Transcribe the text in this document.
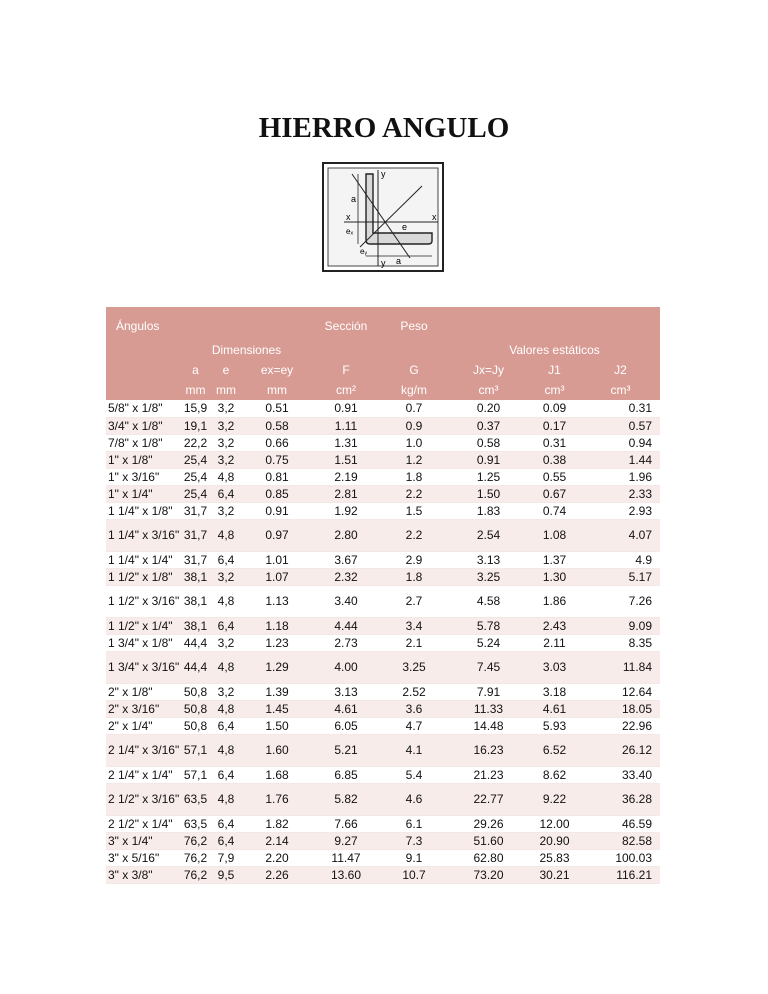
HIERRO ANGULO
y
a
x	x
eₓ	e
eᵧ
y a
Ángulos	Dimensiones			Sección	Peso	Valores estáticos		
	a	e	ex=ey	F	G	Jx=Jy	J1	J2
	mm	mm	mm	cm²	kg/m	cm³	cm³	cm³
5/8" x 1/8"	15,9	3,2	0.51	0.91	0.7	0.20	0.09	0.31
3/4" x 1/8"	19,1	3,2	0.58	1.11	0.9	0.37	0.17	0.57
7/8" x 1/8"	22,2	3,2	0.66	1.31	1.0	0.58	0.31	0.94
1" x 1/8"	25,4	3,2	0.75	1.51	1.2	0.91	0.38	1.44
1" x 3/16"	25,4	4,8	0.81	2.19	1.8	1.25	0.55	1.96
1" x 1/4"	25,4	6,4	0.85	2.81	2.2	1.50	0.67	2.33
1 1/4" x 1/8"	31,7	3,2	0.91	1.92	1.5	1.83	0.74	2.93
1 1/4" x 3/16"	31,7	4,8	0.97	2.80	2.2	2.54	1.08	4.07
1 1/4" x 1/4"	31,7	6,4	1.01	3.67	2.9	3.13	1.37	4.9
1 1/2" x 1/8"	38,1	3,2	1.07	2.32	1.8	3.25	1.30	5.17
1 1/2" x 3/16"	38,1	4,8	1.13	3.40	2.7	4.58	1.86	7.26
1 1/2" x 1/4"	38,1	6,4	1.18	4.44	3.4	5.78	2.43	9.09
1 3/4" x 1/8"	44,4	3,2	1.23	2.73	2.1	5.24	2.11	8.35
1 3/4" x 3/16"	44,4	4,8	1.29	4.00	3.25	7.45	3.03	11.84
2" x 1/8"	50,8	3,2	1.39	3.13	2.52	7.91	3.18	12.64
2" x 3/16"	50,8	4,8	1.45	4.61	3.6	11.33	4.61	18.05
2" x 1/4"	50,8	6,4	1.50	6.05	4.7	14.48	5.93	22.96
2 1/4" x 3/16"	57,1	4,8	1.60	5.21	4.1	16.23	6.52	26.12
2 1/4" x 1/4"	57,1	6,4	1.68	6.85	5.4	21.23	8.62	33.40
2 1/2" x 3/16"	63,5	4,8	1.76	5.82	4.6	22.77	9.22	36.28
2 1/2" x 1/4"	63,5	6,4	1.82	7.66	6.1	29.26	12.00	46.59
3" x 1/4"	76,2	6,4	2.14	9.27	7.3	51.60	20.90	82.58
3" x 5/16"	76,2	7,9	2.20	11.47	9.1	62.80	25.83	100.03
3" x 3/8"	76,2	9,5	2.26	13.60	10.7	73.20	30.21	116.21
